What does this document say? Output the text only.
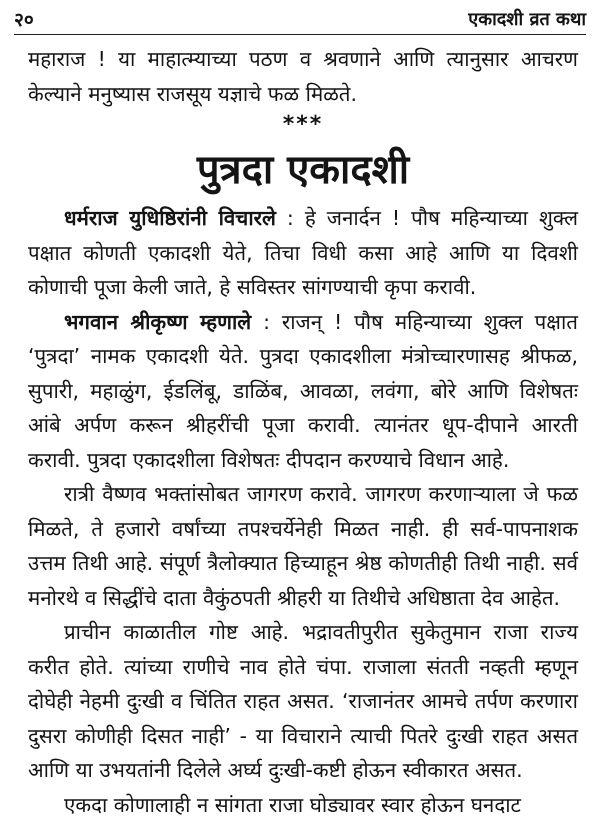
२०	एकादशी व्रत कथा

महाराज ! या माहात्म्याच्या पठण व श्रवणाने आणि त्यानुसार आचरण केल्याने मनुष्यास राजसूय यज्ञाचे फळ मिळते.

***
पुत्रदा एकादशी

धर्मराज युधिष्ठिरांनी विचारले : हे जनार्दन ! पौष महिन्याच्या शुक्ल पक्षात कोणती एकादशी येते, तिचा विधी कसा आहे आणि या दिवशी कोणाची पूजा केली जाते, हे सविस्तर सांगण्याची कृपा करावी.

भगवान श्रीकृष्ण म्हणाले : राजन् ! पौष महिन्याच्या शुक्ल पक्षात ‘पुत्रदा’ नामक एकादशी येते. पुत्रदा एकादशीला मंत्रोच्चारणासह श्रीफळ, सुपारी, महाळुंग, ईडलिंबू, डाळिंब, आवळा, लवंगा, बोरे आणि विशेषतः आंबे अर्पण करून श्रीहरींची पूजा करावी. त्यानंतर धूप-दीपाने आरती करावी. पुत्रदा एकादशीला विशेषतः दीपदान करण्याचे विधान आहे.

रात्री वैष्णव भक्तांसोबत जागरण करावे. जागरण करणाऱ्याला जे फळ मिळते, ते हजारो वर्षांच्या तपश्चर्येनेही मिळत नाही. ही सर्व-पापनाशक उत्तम तिथी आहे. संपूर्ण त्रैलोक्यात हिच्याहून श्रेष्ठ कोणतीही तिथी नाही. सर्व मनोरथे व सिद्धींचे दाता वैकुंठपती श्रीहरी या तिथीचे अधिष्ठाता देव आहेत.

प्राचीन काळातील गोष्ट आहे. भद्रावतीपुरीत सुकेतुमान राजा राज्य करीत होते. त्यांच्या राणीचे नाव होते चंपा. राजाला संतती नव्हती म्हणून दोघेही नेहमी दुःखी व चिंतित राहत असत. ‘राजानंतर आमचे तर्पण करणारा दुसरा कोणीही दिसत नाही’ - या विचाराने त्याची पितरे दुःखी राहत असत आणि या उभयतांनी दिलेले अर्घ्य दुःखी-कष्टी होऊन स्वीकारत असत.

एकदा कोणालाही न सांगता राजा घोड्यावर स्वार होऊन घनदाट
